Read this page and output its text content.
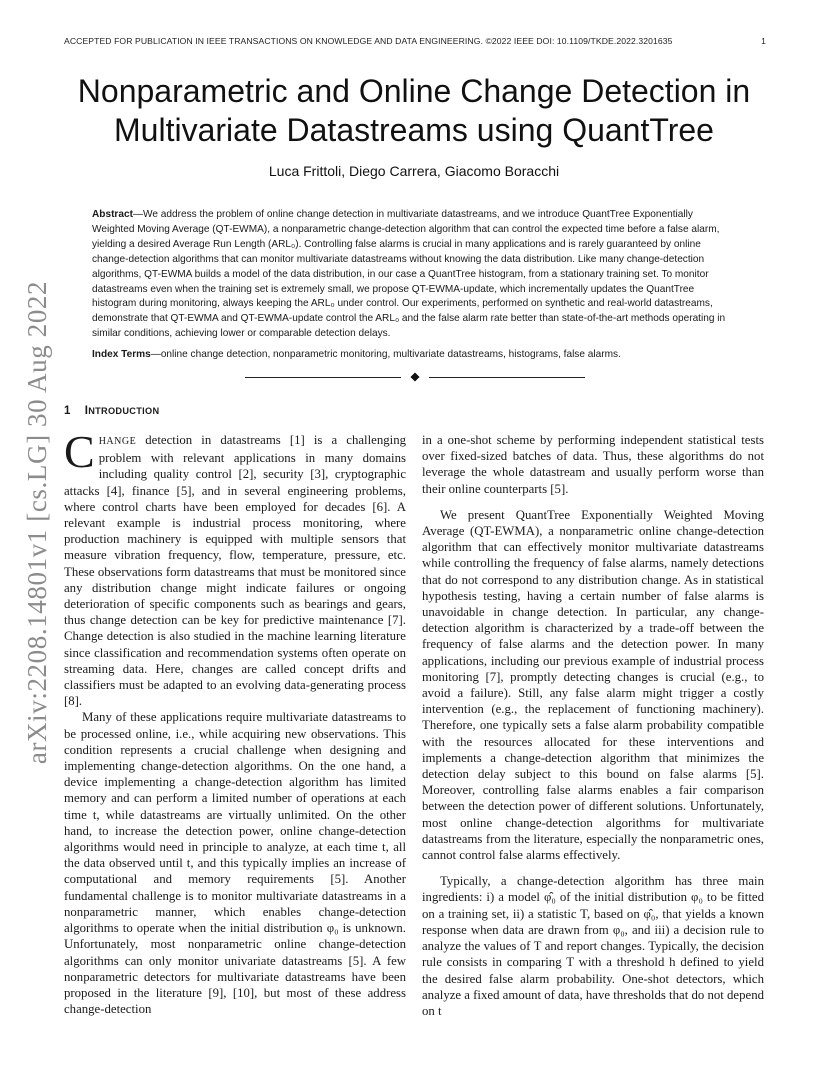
ACCEPTED FOR PUBLICATION IN IEEE TRANSACTIONS ON KNOWLEDGE AND DATA ENGINEERING. ©2022 IEEE DOI: 10.1109/TKDE.2022.3201635	1
arXiv:2208.14801v1 [cs.LG] 30 Aug 2022
Nonparametric and Online Change Detection in
Multivariate Datastreams using QuantTree
Luca Frittoli, Diego Carrera, Giacomo Boracchi

Abstract—We address the problem of online change detection in multivariate datastreams, and we introduce QuantTree Exponentially Weighted Moving Average (QT-EWMA), a nonparametric change-detection algorithm that can control the expected time before a false alarm, yielding a desired Average Run Length (ARL₀). Controlling false alarms is crucial in many applications and is rarely guaranteed by online change-detection algorithms that can monitor multivariate datastreams without knowing the data distribution. Like many change-detection algorithms, QT-EWMA builds a model of the data distribution, in our case a QuantTree histogram, from a stationary training set. To monitor datastreams even when the training set is extremely small, we propose QT-EWMA-update, which incrementally updates the QuantTree histogram during monitoring, always keeping the ARL₀ under control. Our experiments, performed on synthetic and real-world datastreams, demonstrate that QT-EWMA and QT-EWMA-update control the ARL₀ and the false alarm rate better than state-of-the-art methods operating in similar conditions, achieving lower or comparable detection delays.

Index Terms—online change detection, nonparametric monitoring, multivariate datastreams, histograms, false alarms.

1 INTRODUCTION

CHANGE detection in datastreams [1] is a challenging problem with relevant applications in many domains including quality control [2], security [3], cryptographic attacks [4], finance [5], and in several engineering problems, where control charts have been employed for decades [6]. A relevant example is industrial process monitoring, where production machinery is equipped with multiple sensors that measure vibration frequency, flow, temperature, pressure, etc. These observations form datastreams that must be monitored since any distribution change might indicate failures or ongoing deterioration of specific components such as bearings and gears, thus change detection can be key for predictive maintenance [7]. Change detection is also studied in the machine learning literature since classification and recommendation systems often operate on streaming data. Here, changes are called concept drifts and classifiers must be adapted to an evolving data-generating process [8].

Many of these applications require multivariate datastreams to be processed online, i.e., while acquiring new observations. This condition represents a crucial challenge when designing and implementing change-detection algorithms. On the one hand, a device implementing a change-detection algorithm has limited memory and can perform a limited number of operations at each time t, while datastreams are virtually unlimited. On the other hand, to increase the detection power, online change-detection algorithms would need in principle to analyze, at each time t, all the data observed until t, and this typically implies an increase of computational and memory requirements [5]. Another fundamental challenge is to monitor multivariate datastreams in a nonparametric manner, which enables change-detection algorithms to operate when the initial distribution φ₀ is unknown. Unfortunately, most nonparametric online change-detection algorithms can only monitor univariate datastreams [5]. A few nonparametric detectors for multivariate datastreams have been proposed in the literature [9], [10], but most of these address change-detection

in a one-shot scheme by performing independent statistical tests over fixed-sized batches of data. Thus, these algorithms do not leverage the whole datastream and usually perform worse than their online counterparts [5].

We present QuantTree Exponentially Weighted Moving Average (QT-EWMA), a nonparametric online change-detection algorithm that can effectively monitor multivariate datastreams while controlling the frequency of false alarms, namely detections that do not correspond to any distribution change. As in statistical hypothesis testing, having a certain number of false alarms is unavoidable in change detection. In particular, any change-detection algorithm is characterized by a trade-off between the frequency of false alarms and the detection power. In many applications, including our previous example of industrial process monitoring [7], promptly detecting changes is crucial (e.g., to avoid a failure). Still, any false alarm might trigger a costly intervention (e.g., the replacement of functioning machinery). Therefore, one typically sets a false alarm probability compatible with the resources allocated for these interventions and implements a change-detection algorithm that minimizes the detection delay subject to this bound on false alarms [5]. Moreover, controlling false alarms enables a fair comparison between the detection power of different solutions. Unfortunately, most online change-detection algorithms for multivariate datastreams from the literature, especially the nonparametric ones, cannot control false alarms effectively.

Typically, a change-detection algorithm has three main ingredients: i) a model φ̂₀ of the initial distribution φ₀ to be fitted on a training set, ii) a statistic T, based on φ̂₀, that yields a known response when data are drawn from φ₀, and iii) a decision rule to analyze the values of T and report changes. Typically, the decision rule consists in comparing T with a threshold h defined to yield the desired false alarm probability. One-shot detectors, which analyze a fixed amount of data, have thresholds that do not depend on t
